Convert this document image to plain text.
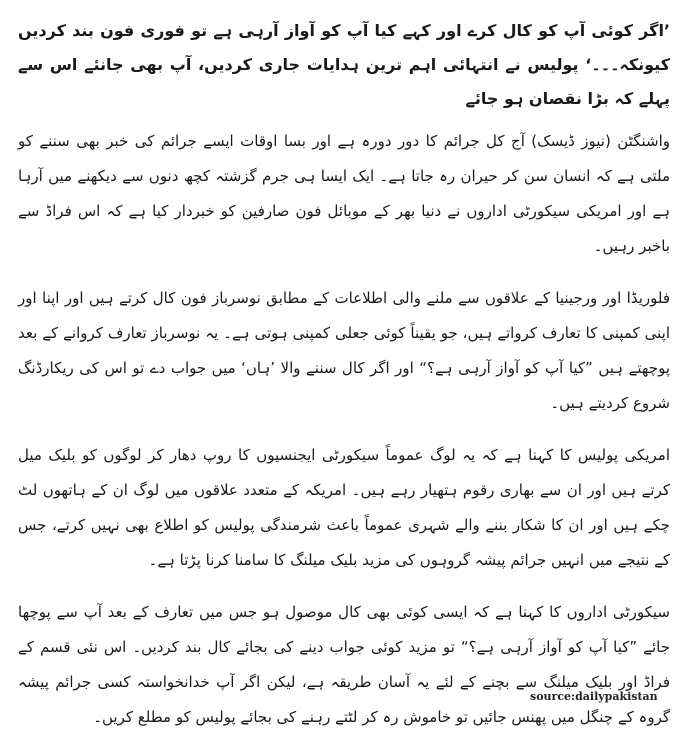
’اگر کوئی آپ کو کال کرے اور کہے کیا آپ کو آواز آرہی ہے تو فوری فون بند کردیں کیونکہ۔۔۔‘ پولیس نے انتہائی اہم ترین ہدایات جاری کردیں، آپ بھی جانئے اس سے پہلے کہ بڑا نقصان ہو جائے

واشنگٹن (نیوز ڈیسک) آج کل جرائم کا دور دورہ ہے اور بسا اوقات ایسے جرائم کی خبر بھی سننے کو ملتی ہے کہ انسان سن کر حیران رہ جاتا ہے۔ ایک ایسا ہی جرم گزشتہ کچھ دنوں سے دیکھنے میں آرہا ہے اور امریکی سیکورٹی اداروں نے دنیا بھر کے موبائل فون صارفین کو خبردار کیا ہے کہ اس فراڈ سے باخبر رہیں۔

فلوریڈا اور ورجینیا کے علاقوں سے ملنے والی اطلاعات کے مطابق نوسرباز فون کال کرتے ہیں اور اپنا اور اپنی کمپنی کا تعارف کرواتے ہیں، جو یقیناً کوئی جعلی کمپنی ہوتی ہے۔ یہ نوسرباز تعارف کروانے کے بعد پوچھتے ہیں ”کیا آپ کو آواز آرہی ہے؟“ اور اگر کال سننے والا ’ہاں‘ میں جواب دے تو اس کی ریکارڈنگ شروع کردیتے ہیں۔

امریکی پولیس کا کہنا ہے کہ یہ لوگ عموماً سیکورٹی ایجنسیوں کا روپ دھار کر لوگوں کو بلیک میل کرتے ہیں اور ان سے بھاری رقوم ہتھیار رہے ہیں۔ امریکہ کے متعدد علاقوں میں لوگ ان کے ہاتھوں لٹ چکے ہیں اور ان کا شکار بننے والے شہری عموماً باعث شرمندگی پولیس کو اطلاع بھی نہیں کرتے، جس کے نتیجے میں انہیں جرائم پیشہ گروہوں کی مزید بلیک میلنگ کا سامنا کرنا پڑتا ہے۔

سیکورٹی اداروں کا کہنا ہے کہ ایسی کوئی بھی کال موصول ہو جس میں تعارف کے بعد آپ سے پوچھا جائے ”کیا آپ کو آواز آرہی ہے؟“ تو مزید کوئی جواب دینے کی بجائے کال بند کردیں۔ اس نئی قسم کے فراڈ اور بلیک میلنگ سے بچنے کے لئے یہ آسان طریقہ ہے، لیکن اگر آپ خدانخواستہ کسی جرائم پیشہ گروہ کے چنگل میں پھنس جائیں تو خاموش رہ کر لٹتے رہنے کی بجائے پولیس کو مطلع کریں۔

source:dailypakistan
